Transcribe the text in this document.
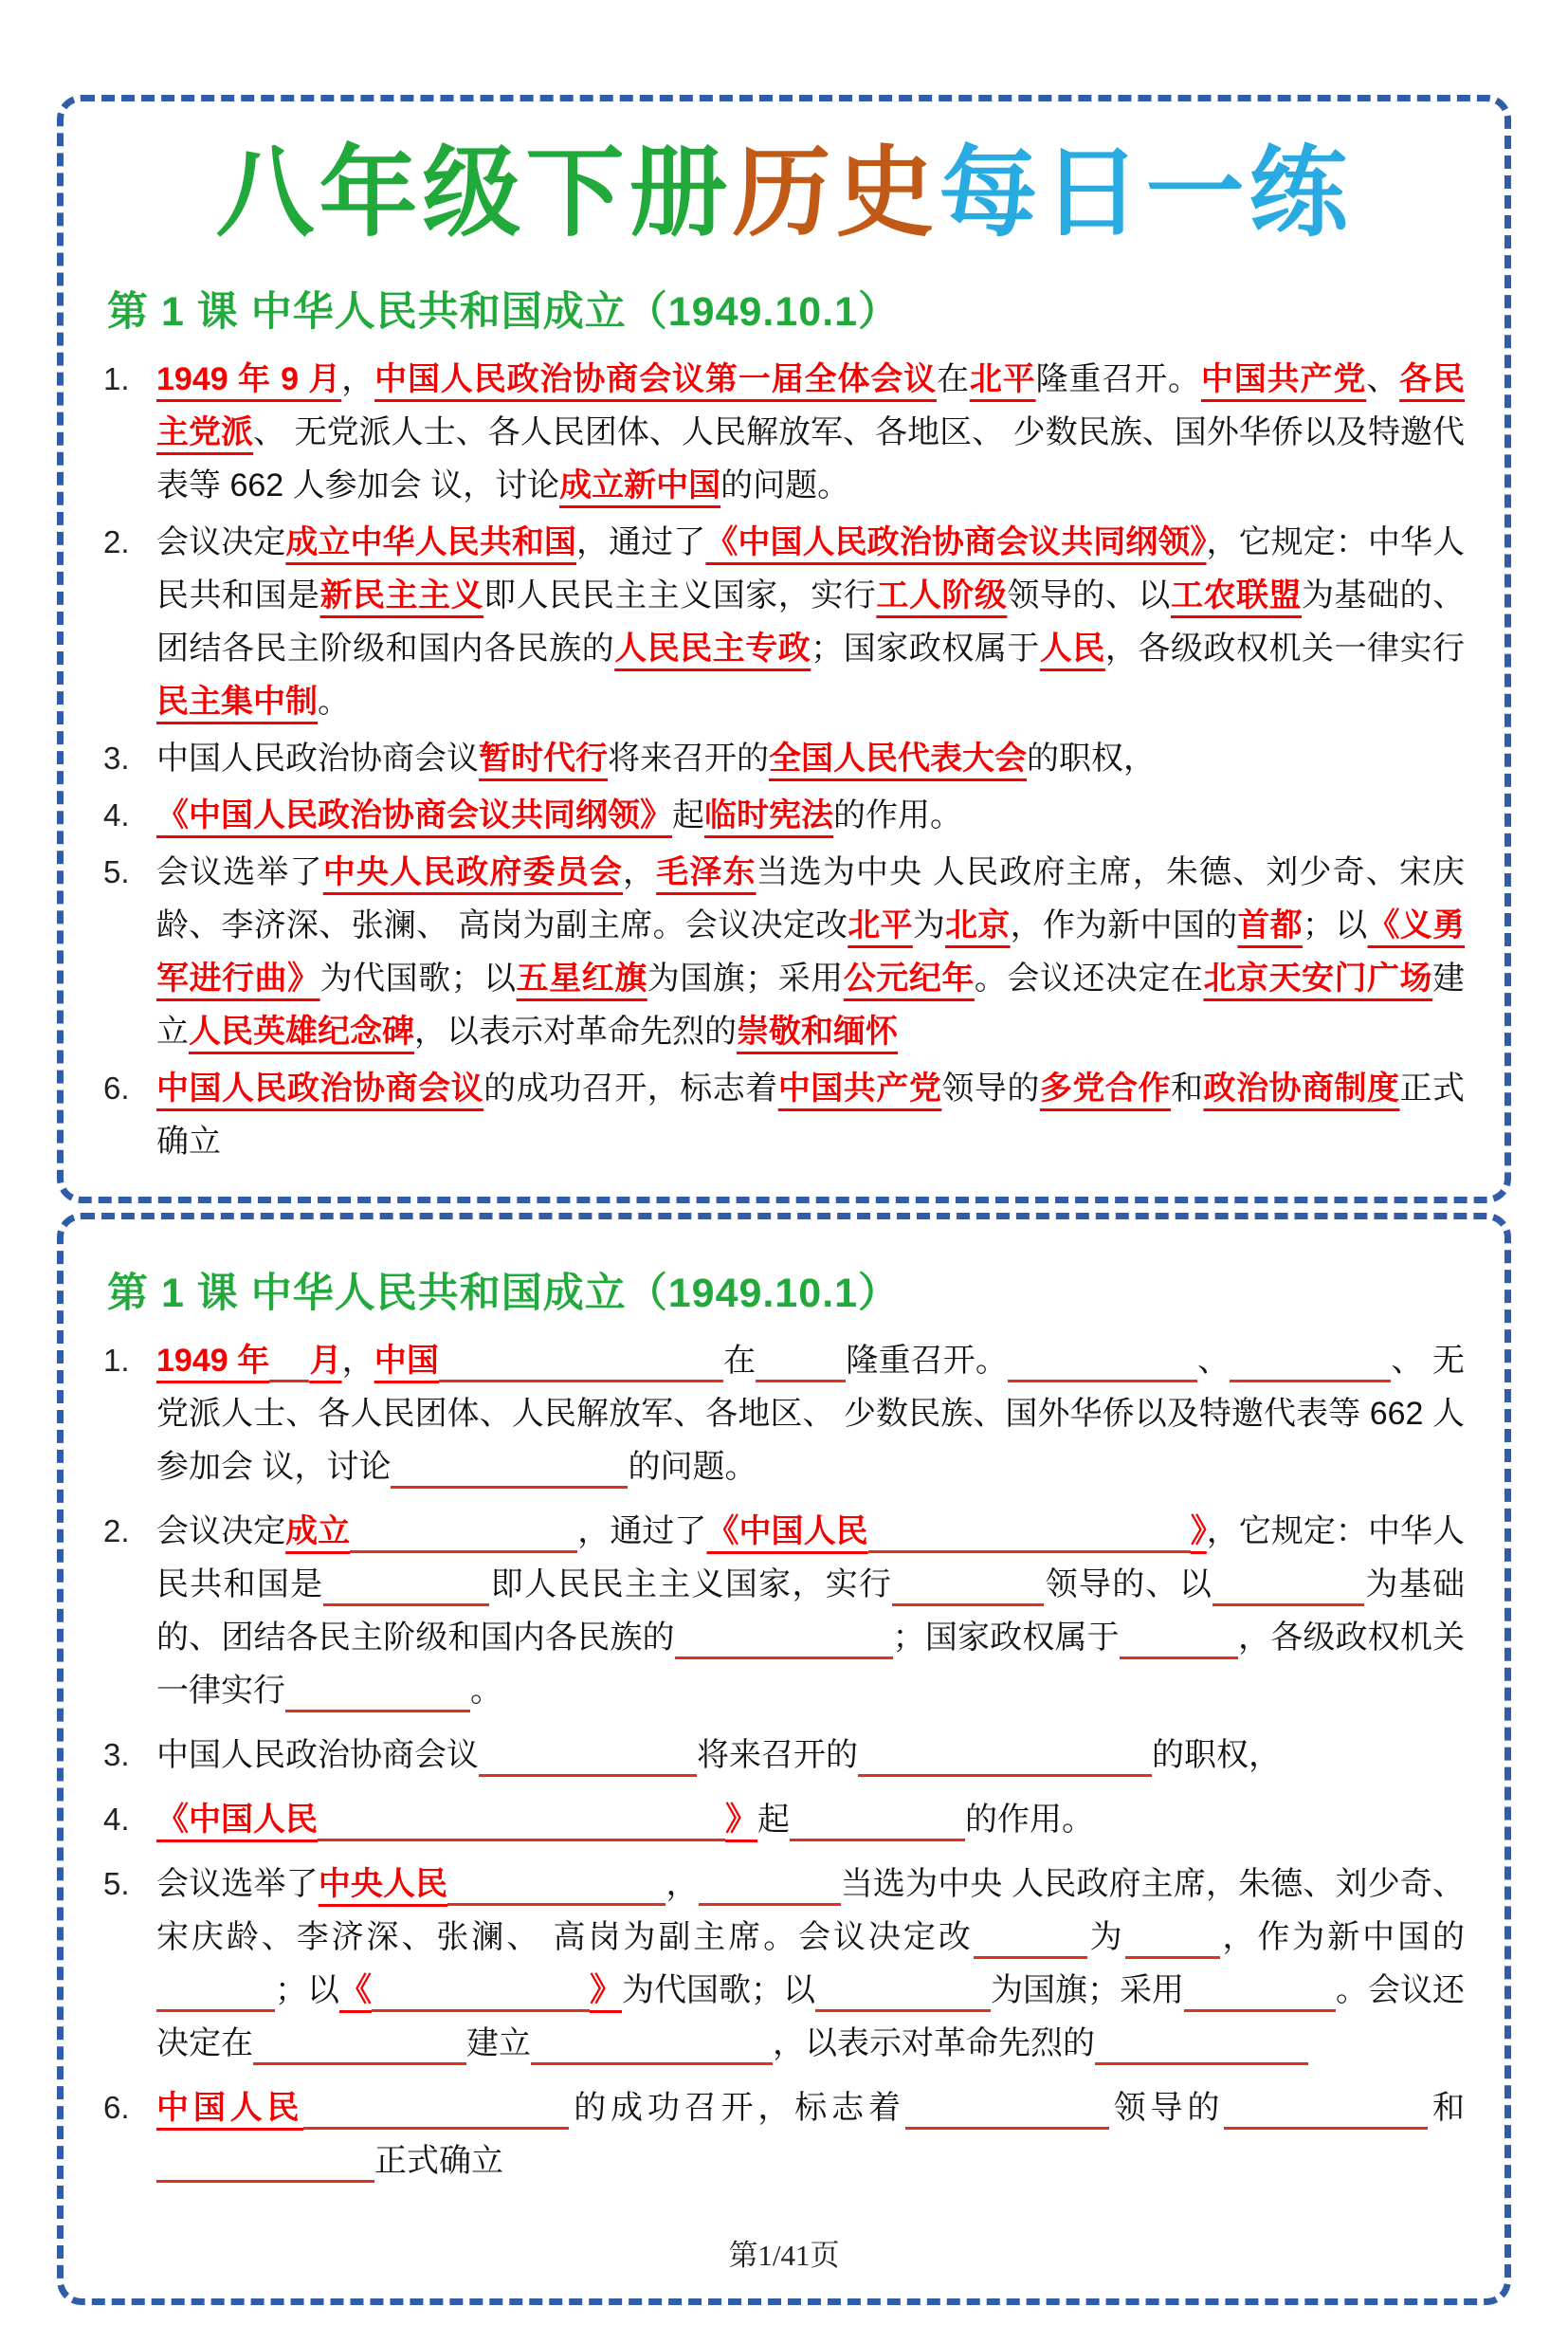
八年级下册历史每日一练
第 1 课 中华人民共和国成立（1949.10.1）
1. 1949 年 9 月，中国人民政治协商会议第一届全体会议在北平隆重召开。中国共产党、各民主党派、 无党派人士、各人民团体、人民解放军、各地区、 少数民族、国外华侨以及特邀代表等 662 人参加会 议，讨论成立新中国的问题。
2. 会议决定成立中华人民共和国，通过了《中国人民政治协商会议共同纲领》，它规定：中华人民共和国是新民主主义即人民民主主义国家，实行工人阶级领导的、以工农联盟为基础的、团结各民主阶级和国内各民族的人民民主专政；国家政权属于人民，各级政权机关一律实行民主集中制。
3. 中国人民政治协商会议暂时代行将来召开的全国人民代表大会的职权，
4. 《中国人民政治协商会议共同纲领》起临时宪法的作用。
5. 会议选举了中央人民政府委员会，毛泽东当选为中央 人民政府主席，朱德、刘少奇、宋庆龄、李济深、张澜、 高岗为副主席。会议决定改北平为北京，作为新中国的首都；以《义勇军进行曲》为代国歌；以五星红旗为国旗；采用公元纪年。会议还决定在北京天安门广场建立人民英雄纪念碑，以表示对革命先烈的崇敬和缅怀
6. 中国人民政治协商会议的成功召开，标志着中国共产党领导的多党合作和政治协商制度正式确立
第 1 课 中华人民共和国成立（1949.10.1）
1. 1949 年 月，中国	在	隆重召开。	、	、 无党派人士、各人民团体、人民解放军、各地区、 少数民族、国外华侨以及特邀代表等 662 人参加会 议，讨论	的问题。
2. 会议决定成立	，通过了《中国人民	》，它规定：中华人民共和国是	即人民民主主义国家，实行	领导的、以	为基础的、团结各民主阶级和国内各民族的	；国家政权属于	，各级政权机关一律实行	。
3. 中国人民政治协商会议	将来召开的	的职权，
4. 《中国人民	》起	的作用。
5. 会议选举了中央人民	，	当选为中央 人民政府主席，朱德、刘少奇、宋庆龄、李济深、张澜、 高岗为副主席。会议决定改	为	，作为新中国的；以《	》为代国歌；以	为国旗；采用	。会议还决定在	建立	，以表示对革命先烈的
6. 中国人民	的成功召开，标志着	领导的	和正式确立
第1/41页
